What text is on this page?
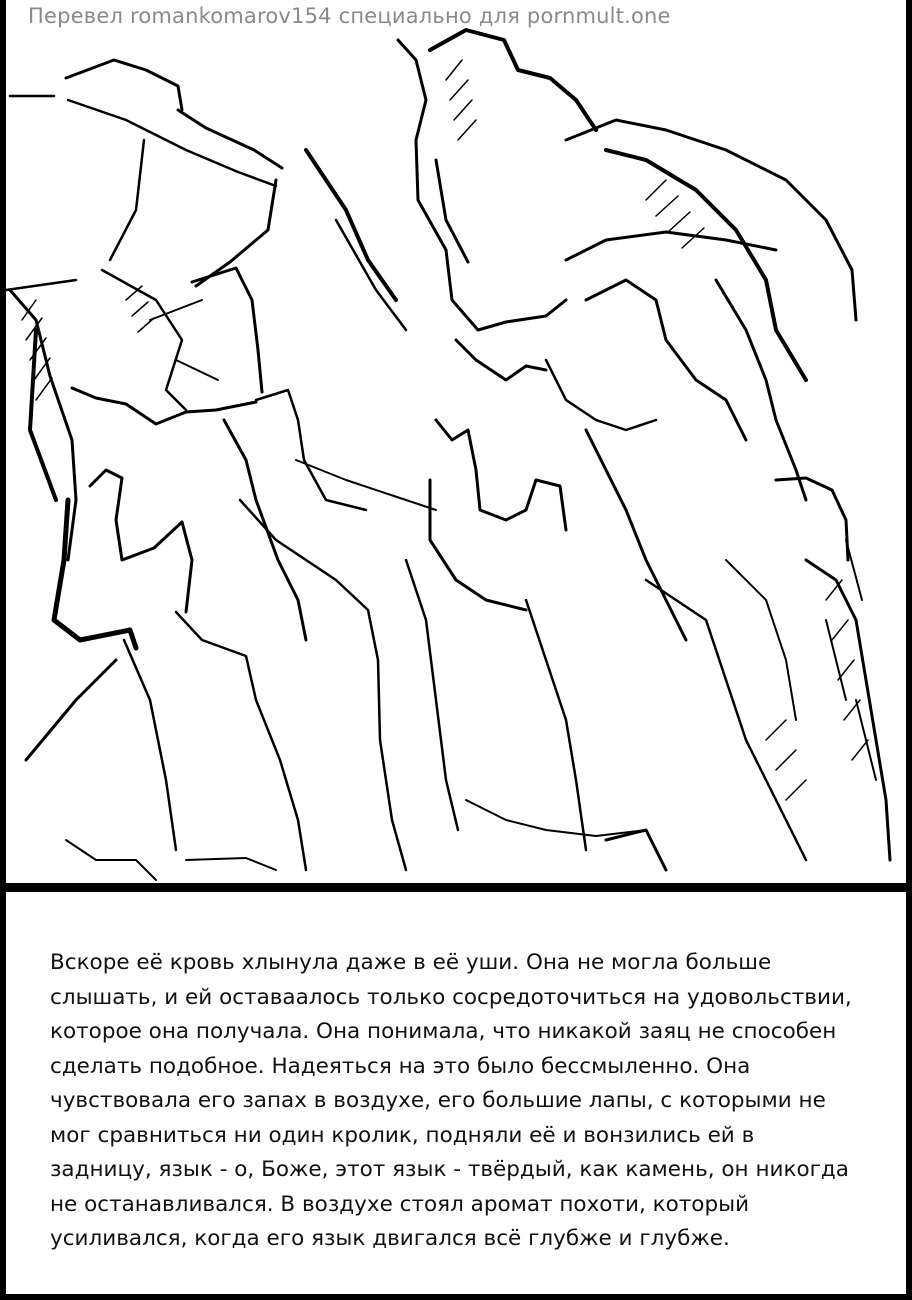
Перевел romankomarov154 специально для pornmult.one

Вскоре её кровь хлынула даже в её уши. Она не могла больше
слышать, и ей оставаалось только сосредоточиться на удовольствии,
которое она получала. Она понимала, что никакой заяц не способен
сделать подобное. Надеяться на это было бессмыленно. Она
чувствовала его запах в воздухе, его большие лапы, с которыми не
мог сравниться ни один кролик, подняли её и вонзились ей в
задницу, язык - о, Боже, этот язык - твёрдый, как камень, он никогда
не останавливался. В воздухе стоял аромат похоти, который
усиливался, когда его язык двигался всё глубже и глубже.
